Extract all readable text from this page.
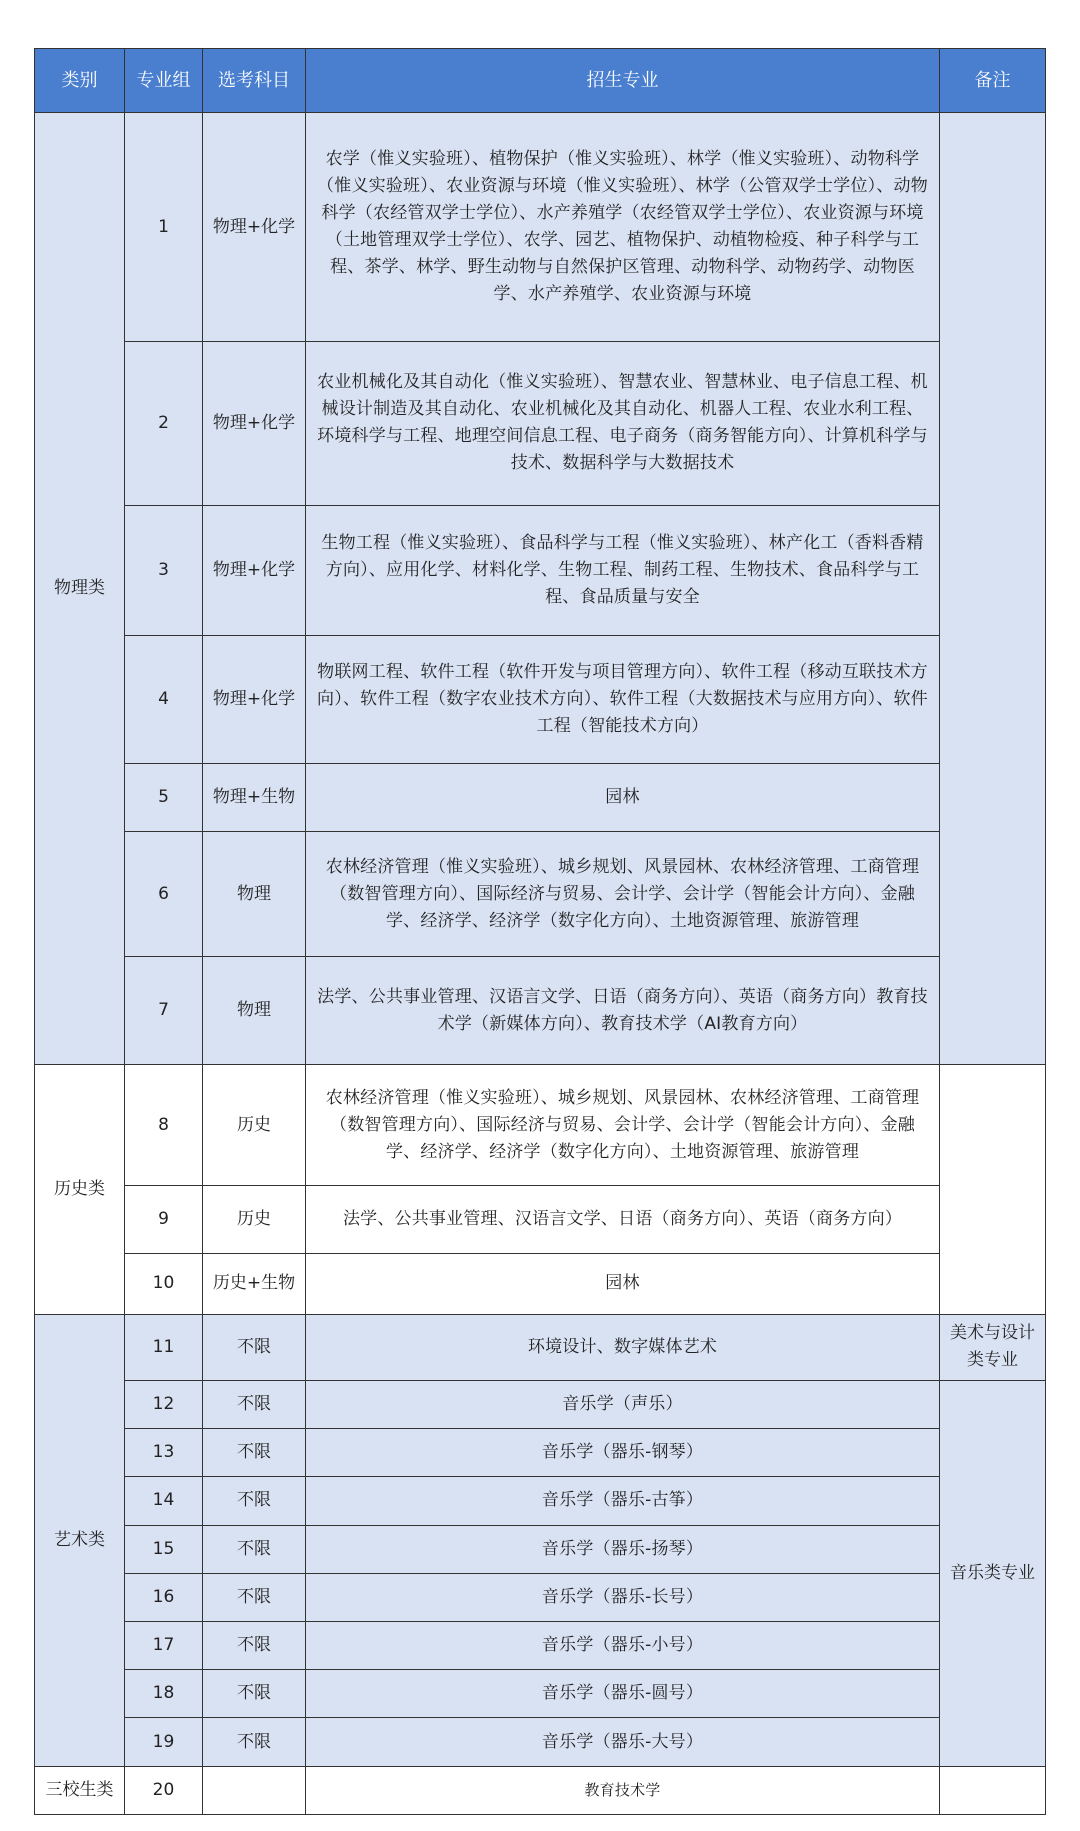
类别	专业组	选考科目	招生专业	备注
物理类	1	物理+化学	农学（惟义实验班）、植物保护（惟义实验班）、林学（惟义实验班）、动物科学（惟义实验班）、农业资源与环境（惟义实验班）、林学（公管双学士学位）、动物科学（农经管双学士学位）、水产养殖学（农经管双学士学位）、农业资源与环境（土地管理双学士学位）、农学、园艺、植物保护、动植物检疫、种子科学与工程、茶学、林学、野生动物与自然保护区管理、动物科学、动物药学、动物医学、水产养殖学、农业资源与环境	
	2	物理+化学	农业机械化及其自动化（惟义实验班）、智慧农业、智慧林业、电子信息工程、机械设计制造及其自动化、农业机械化及其自动化、机器人工程、农业水利工程、环境科学与工程、地理空间信息工程、电子商务（商务智能方向）、计算机科学与技术、数据科学与大数据技术	
	3	物理+化学	生物工程（惟义实验班）、食品科学与工程（惟义实验班）、林产化工（香料香精方向）、应用化学、材料化学、生物工程、制药工程、生物技术、食品科学与工程、食品质量与安全	
	4	物理+化学	物联网工程、软件工程（软件开发与项目管理方向）、软件工程（移动互联技术方向）、软件工程（数字农业技术方向）、软件工程（大数据技术与应用方向）、软件工程（智能技术方向）	
	5	物理+生物	园林	
	6	物理	农林经济管理（惟义实验班）、城乡规划、风景园林、农林经济管理、工商管理（数智管理方向）、国际经济与贸易、会计学、会计学（智能会计方向）、金融学、经济学、经济学（数字化方向）、土地资源管理、旅游管理	
	7	物理	法学、公共事业管理、汉语言文学、日语（商务方向）、英语（商务方向）教育技术学（新媒体方向）、教育技术学（AI教育方向）	
历史类	8	历史	农林经济管理（惟义实验班）、城乡规划、风景园林、农林经济管理、工商管理（数智管理方向）、国际经济与贸易、会计学、会计学（智能会计方向）、金融学、经济学、经济学（数字化方向）、土地资源管理、旅游管理	
	9	历史	法学、公共事业管理、汉语言文学、日语（商务方向）、英语（商务方向）	
	10	历史+生物	园林	
艺术类	11	不限	环境设计、数字媒体艺术	美术与设计类专业
	12	不限	音乐学（声乐）	音乐类专业
	13	不限	音乐学（器乐-钢琴）	
	14	不限	音乐学（器乐-古筝）	
	15	不限	音乐学（器乐-扬琴）	
	16	不限	音乐学（器乐-长号）	
	17	不限	音乐学（器乐-小号）	
	18	不限	音乐学（器乐-圆号）	
	19	不限	音乐学（器乐-大号）	
三校生类	20		教育技术学	
